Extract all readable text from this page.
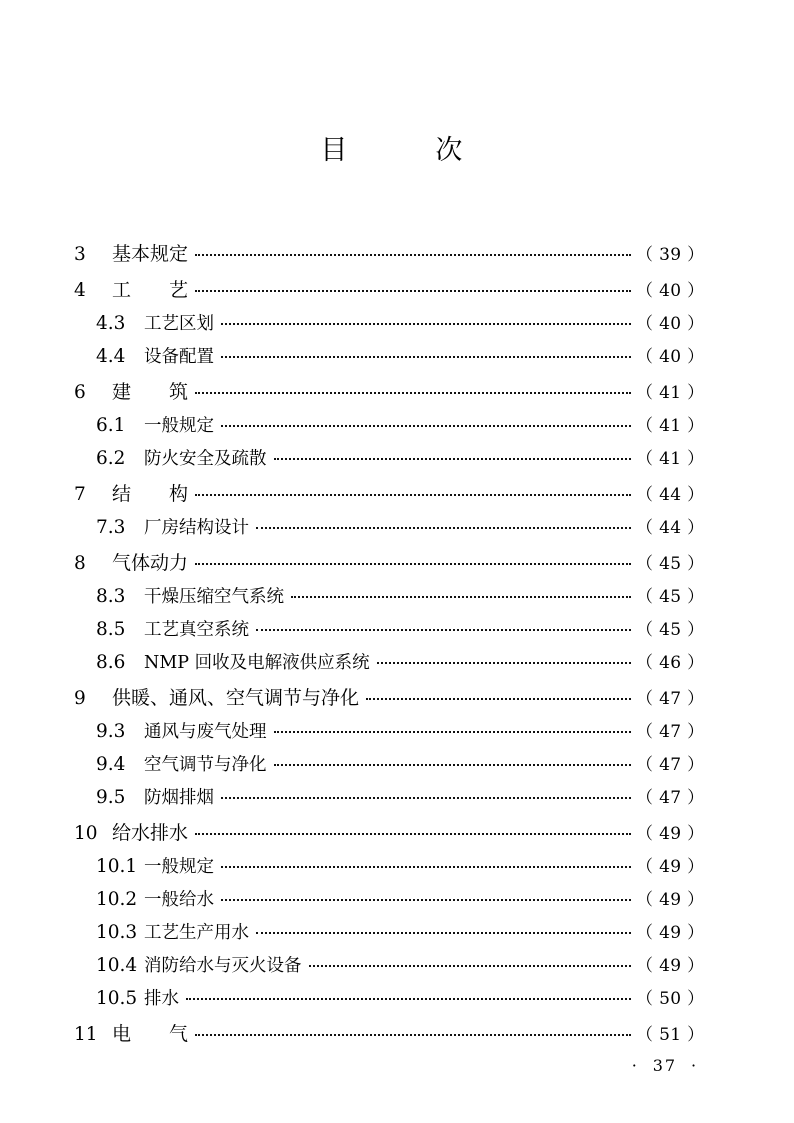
目　　次
3	基本规定	（ 39 ）
4	工　　艺	（ 40 ）
4.3	工艺区划	（ 40 ）
4.4	设备配置	（ 40 ）
6	建　　筑	（ 41 ）
6.1	一般规定	（ 41 ）
6.2	防火安全及疏散	（ 41 ）
7	结　　构	（ 44 ）
7.3	厂房结构设计	（ 44 ）
8	气体动力	（ 45 ）
8.3	干燥压缩空气系统	（ 45 ）
8.5	工艺真空系统	（ 45 ）
8.6	NMP 回收及电解液供应系统	（ 46 ）
9	供暖、通风、空气调节与净化	（ 47 ）
9.3	通风与废气处理	（ 47 ）
9.4	空气调节与净化	（ 47 ）
9.5	防烟排烟	（ 47 ）
10 给水排水	（ 49 ）
10.1 一般规定	（ 49 ）
10.2 一般给水	（ 49 ）
10.3 工艺生产用水	（ 49 ）
10.4 消防给水与灭火设备	（ 49 ）
10.5 排水	（ 50 ）
11 电　　气	（ 51 ）
·  37  ·
